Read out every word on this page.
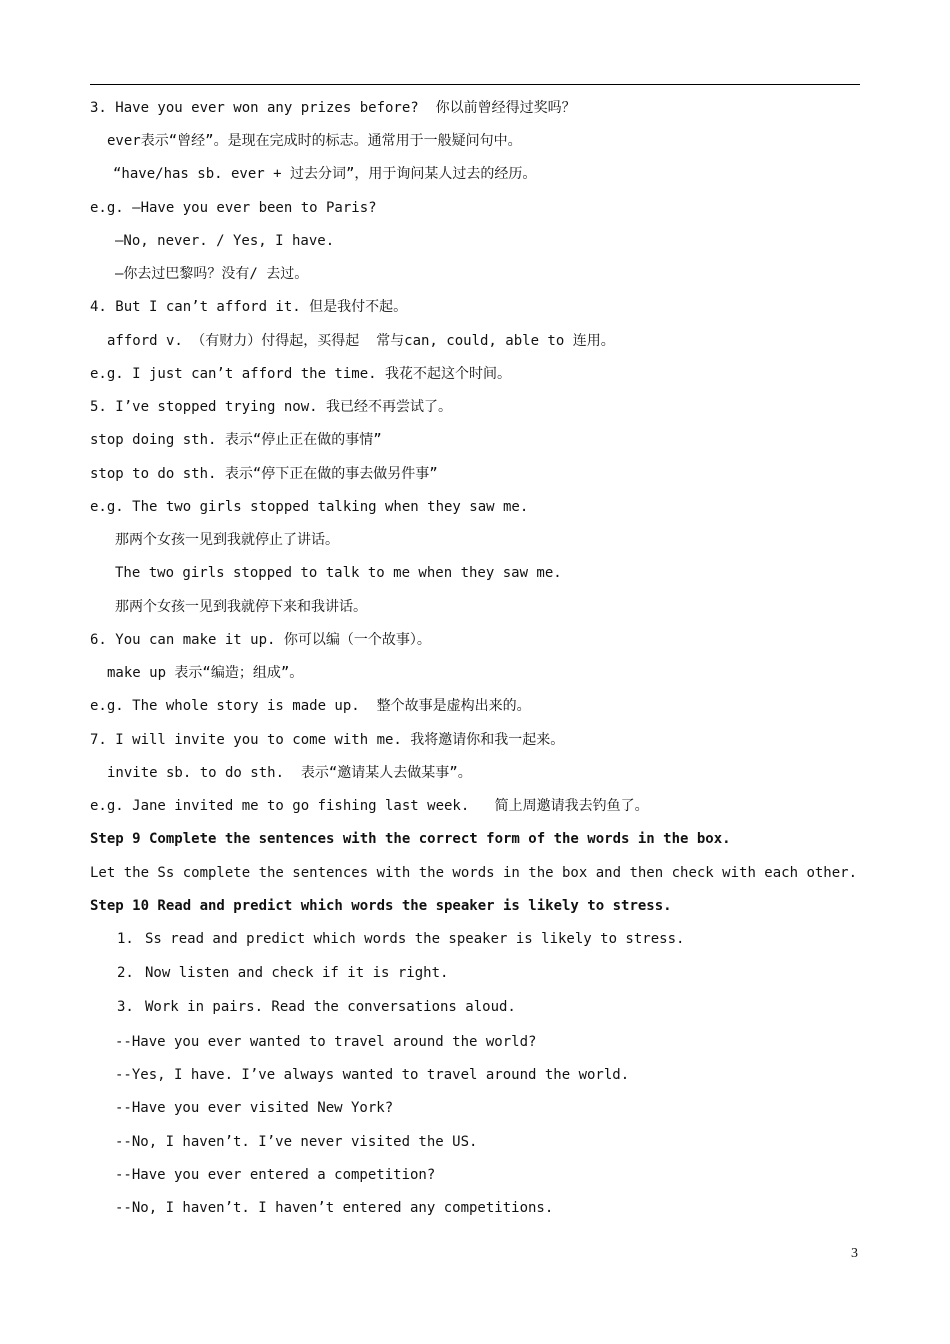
3. Have you ever won any prizes before?  你以前曾经得过奖吗？
ever表示“曾经”。是现在完成时的标志。通常用于一般疑问句中。
“have/has sb. ever + 过去分词”，用于询问某人过去的经历。
e.g. —Have you ever been to Paris?
—No, never. / Yes, I have.
—你去过巴黎吗？没有/ 去过。
4. But I can’t afford it. 但是我付不起。
afford v. （有财力）付得起，买得起  常与can, could, able to 连用。
e.g. I just can’t afford the time. 我花不起这个时间。
5. I’ve stopped trying now. 我已经不再尝试了。
stop doing sth. 表示“停止正在做的事情”
stop to do sth. 表示“停下正在做的事去做另件事”
e.g. The two girls stopped talking when they saw me.
那两个女孩一见到我就停止了讲话。
The two girls stopped to talk to me when they saw me.
那两个女孩一见到我就停下来和我讲话。
6. You can make it up. 你可以编（一个故事）。
make up 表示“编造；组成”。
e.g. The whole story is made up.  整个故事是虚构出来的。
7. I will invite you to come with me. 我将邀请你和我一起来。
invite sb. to do sth.  表示“邀请某人去做某事”。
e.g. Jane invited me to go fishing last week.   简上周邀请我去钓鱼了。
Step 9 Complete the sentences with the correct form of the words in the box.
Let the Ss complete the sentences with the words in the box and then check with each other.
Step 10 Read and predict which words the speaker is likely to stress.
1. Ss read and predict which words the speaker is likely to stress.
2. Now listen and check if it is right.
3. Work in pairs. Read the conversations aloud.
--Have you ever wanted to travel around the world?
--Yes, I have. I’ve always wanted to travel around the world.
--Have you ever visited New York?
--No, I haven’t. I’ve never visited the US.
--Have you ever entered a competition?
--No, I haven’t. I haven’t entered any competitions.
3
